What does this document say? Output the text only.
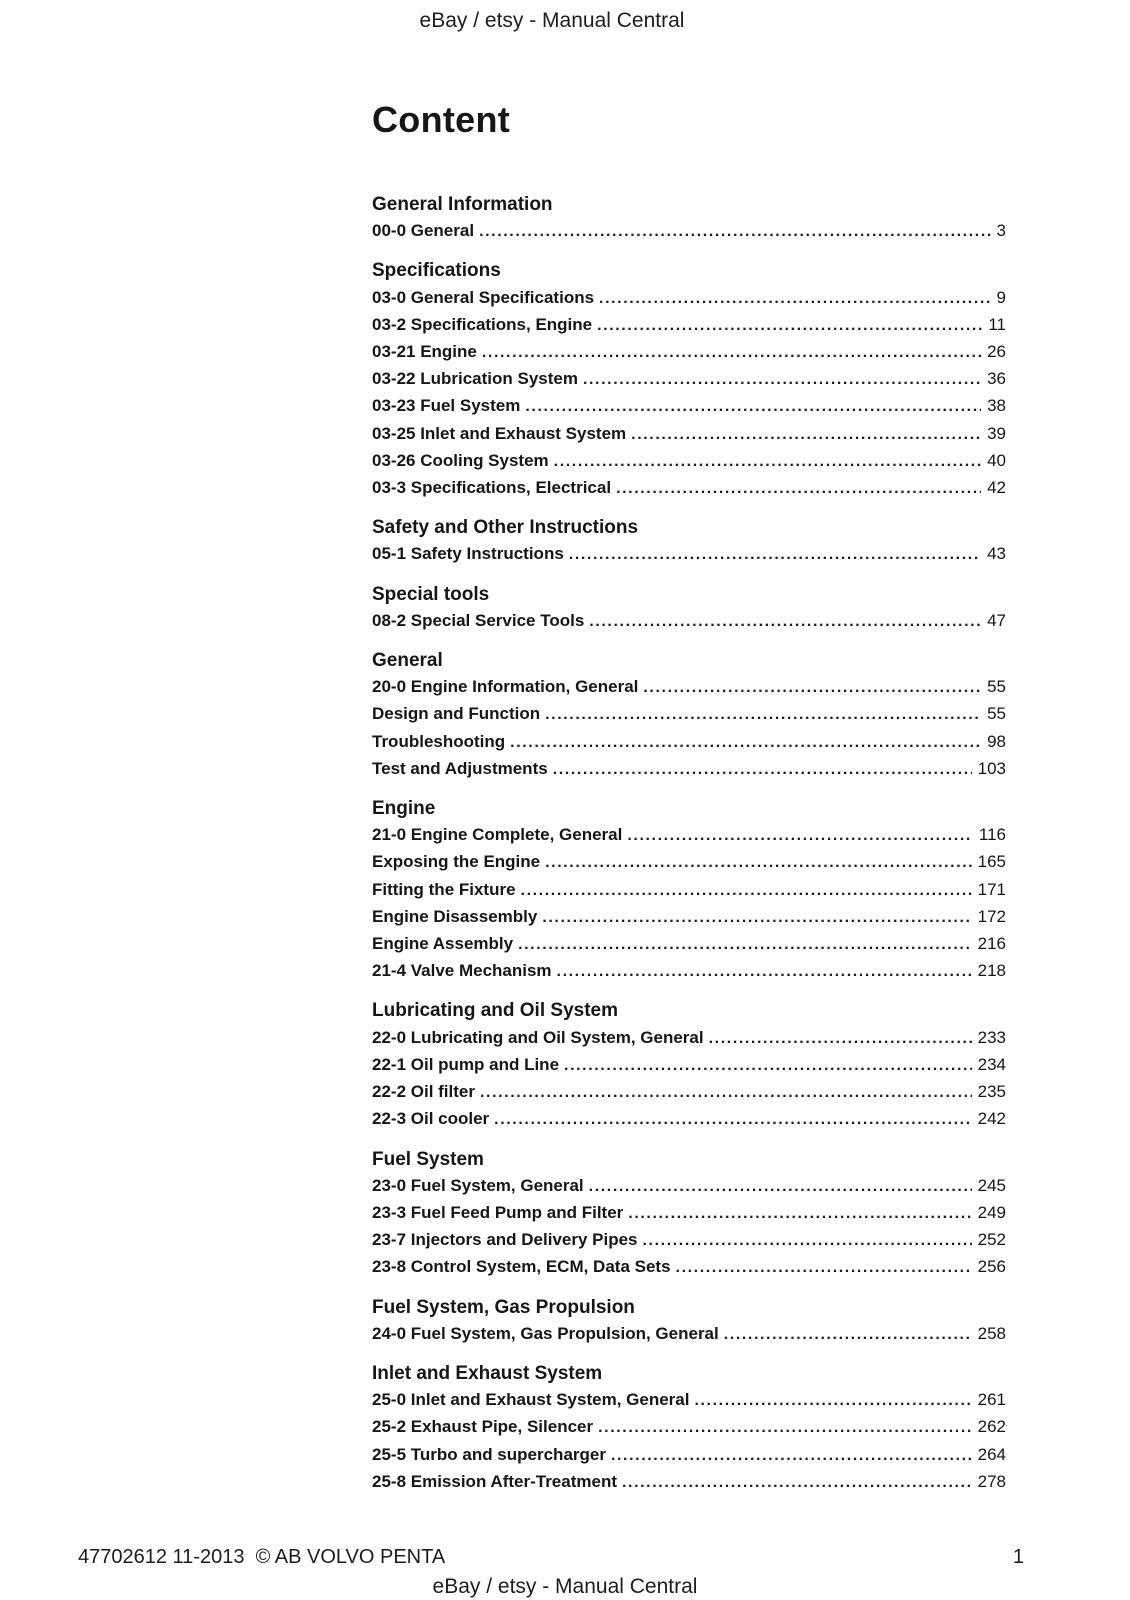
eBay / etsy - Manual Central
Content
General Information
00-0 General .....	3
Specifications
03-0 General Specifications .....	9
03-2 Specifications, Engine .....	11
03-21 Engine .....	26
03-22 Lubrication System .....	36
03-23 Fuel System .....	38
03-25 Inlet and Exhaust System .....	39
03-26 Cooling System .....	40
03-3 Specifications, Electrical .....	42
Safety and Other Instructions
05-1 Safety Instructions .....	43
Special tools
08-2 Special Service Tools .....	47
General
20-0 Engine Information, General .....	55
Design and Function .....	55
Troubleshooting .....	98
Test and Adjustments .....	103
Engine
21-0 Engine Complete, General .....	116
Exposing the Engine .....	165
Fitting the Fixture .....	171
Engine Disassembly .....	172
Engine Assembly .....	216
21-4 Valve Mechanism .....	218
Lubricating and Oil System
22-0 Lubricating and Oil System, General .....	233
22-1 Oil pump and Line .....	234
22-2 Oil filter .....	235
22-3 Oil cooler .....	242
Fuel System
23-0 Fuel System, General .....	245
23-3 Fuel Feed Pump and Filter .....	249
23-7 Injectors and Delivery Pipes .....	252
23-8 Control System, ECM, Data Sets .....	256
Fuel System, Gas Propulsion
24-0 Fuel System, Gas Propulsion, General .....	258
Inlet and Exhaust System
25-0 Inlet and Exhaust System, General .....	261
25-2 Exhaust Pipe, Silencer .....	262
25-5 Turbo and supercharger .....	264
25-8 Emission After-Treatment .....	278
47702612 11-2013  © AB VOLVO PENTA	1
eBay / etsy - Manual Central
